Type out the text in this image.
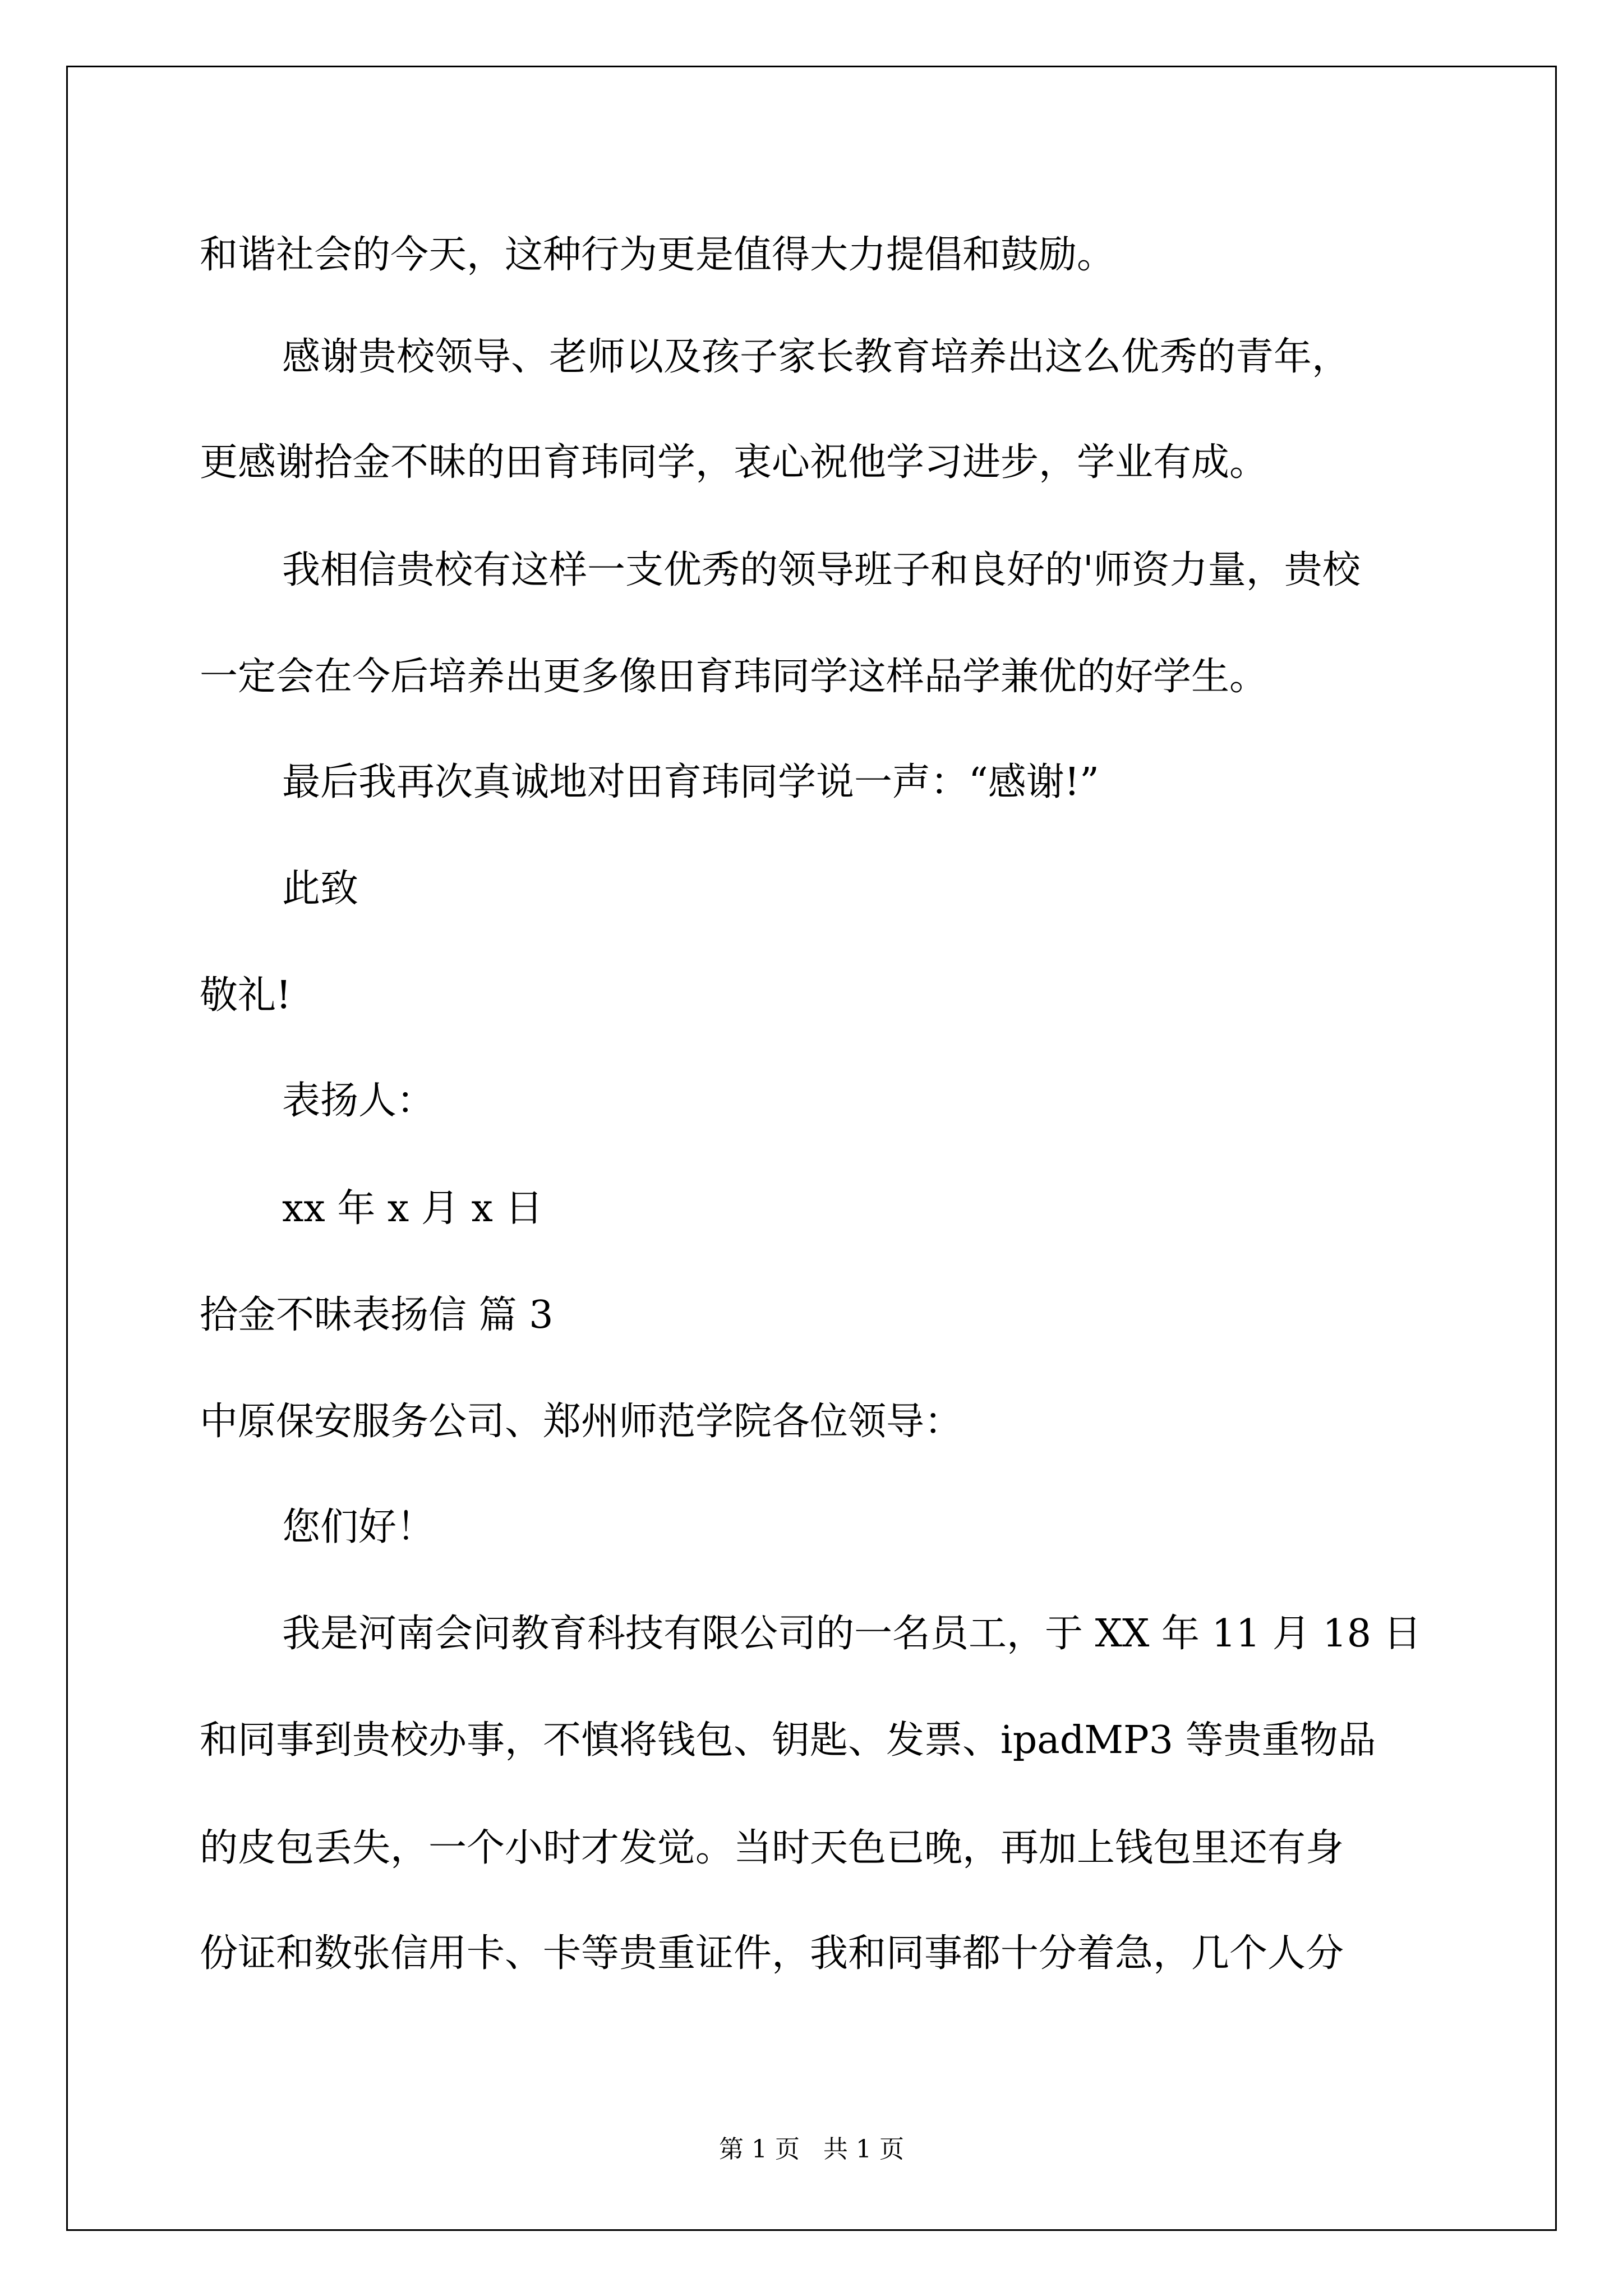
和谐社会的今天，这种行为更是值得大力提倡和鼓励。
感谢贵校领导、老师以及孩子家长教育培养出这么优秀的青年，
更感谢拾金不昧的田育玮同学，衷心祝他学习进步，学业有成。
我相信贵校有这样一支优秀的领导班子和良好的'师资力量，贵校
一定会在今后培养出更多像田育玮同学这样品学兼优的好学生。
最后我再次真诚地对田育玮同学说一声：“感谢!”
此致
敬礼!
表扬人：
xx 年 x 月 x 日
拾金不昧表扬信 篇 3
中原保安服务公司、郑州师范学院各位领导：
您们好！
我是河南会问教育科技有限公司的一名员工，于 XX 年 11 月 18 日
和同事到贵校办事，不慎将钱包、钥匙、发票、ipadMP3 等贵重物品
的皮包丢失，一个小时才发觉。当时天色已晚，再加上钱包里还有身
份证和数张信用卡、卡等贵重证件，我和同事都十分着急，几个人分
第 1 页   共 1 页
